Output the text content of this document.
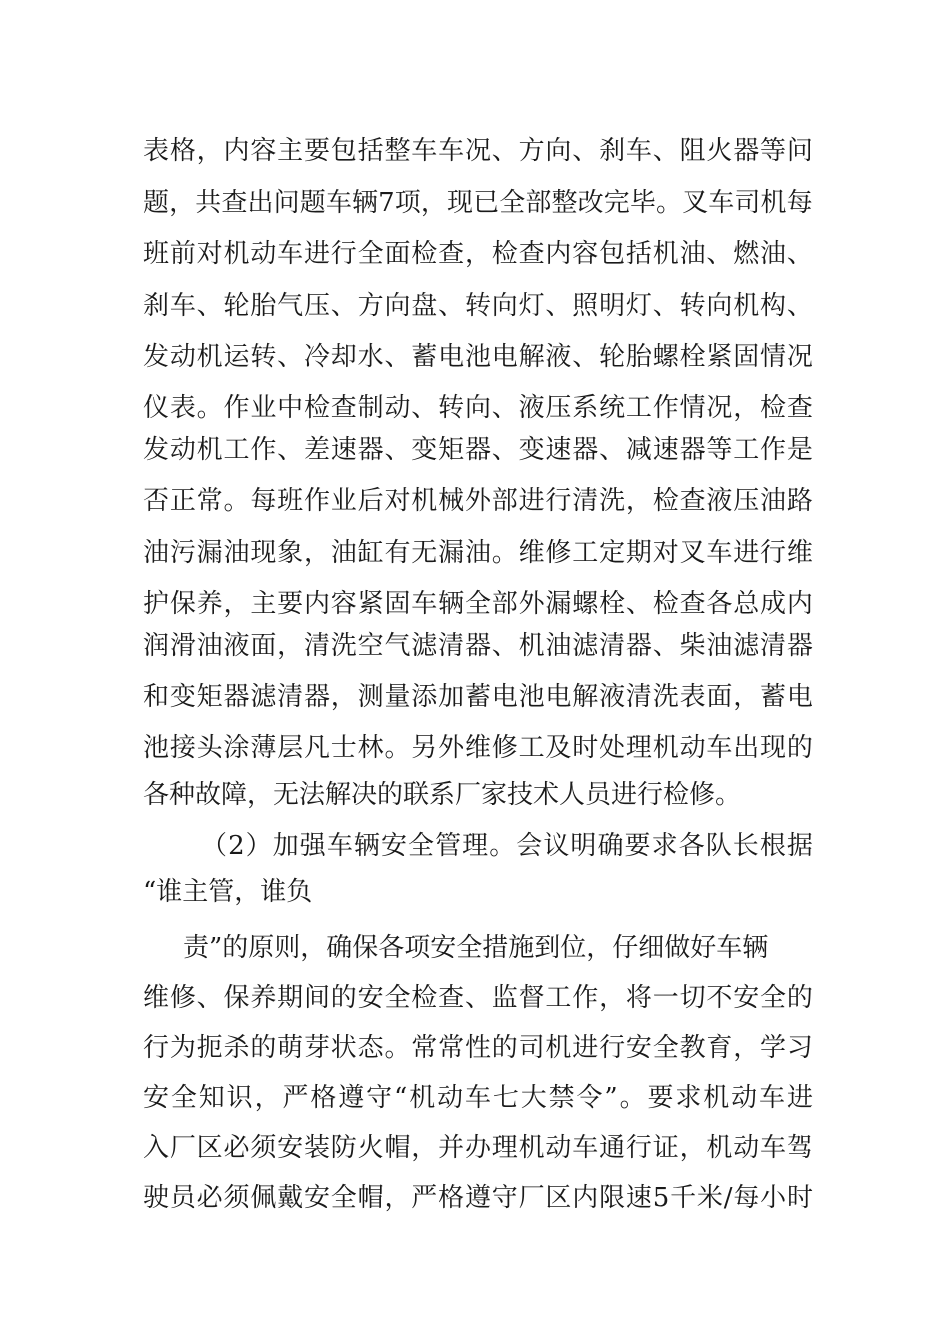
表 格 ， 内 容 主 要 包 括 整 车 车 况 、 方 向 、 刹 车 、 阻 火 器 等 问
题 ， 共 查 出 问 题 车 辆 7 项 ， 现 已 全 部 整 改 完 毕 。 叉 车 司 机 每
班 前 对 机 动 车 进 行 全 面 检 查 ， 检 查 内 容 包 括 机 油 、 燃 油 、
刹 车 、 轮 胎 气 压 、 方 向 盘 、 转 向 灯 、 照 明 灯 、 转 向 机 构 、
发 动 机 运 转 、 冷 却 水 、 蓄 电 池 电 解 液 、 轮 胎 螺 栓 紧 固 情 况
仪 表 。 作 业 中 检 查 制 动 、 转 向 、 液 压 系 统 工 作 情 况 ， 检 查
发 动 机 工 作 、 差 速 器 、 变 矩 器 、 变 速 器 、 减 速 器 等 工 作 是
否 正 常 。 每 班 作 业 后 对 机 械 外 部 进 行 清 洗 ， 检 查 液 压 油 路
油 污 漏 油 现 象 ， 油 缸 有 无 漏 油 。 维 修 工 定 期 对 叉 车 进 行 维
护 保 养 ， 主 要 内 容 紧 固 车 辆 全 部 外 漏 螺 栓 、 检 查 各 总 成 内
润 滑 油 液 面 ， 清 洗 空 气 滤 清 器 、 机 油 滤 清 器 、 柴 油 滤 清 器
和 变 矩 器 滤 清 器 ， 测 量 添 加 蓄 电 池 电 解 液 清 洗 表 面 ， 蓄 电
池 接 头 涂 薄 层 凡 士 林 。 另 外 维 修 工 及 时 处 理 机 动 车 出 现 的
各种故障，无法解决的联系厂家技术人员进行检修。
（ 2 ） 加 强 车 辆 安 全 管 理 。 会 议 明 确 要 求 各 队 长 根 据
“谁主管，谁负
责”的原则，确保各项安全措施到位，仔细做好车辆
维 修 、 保 养 期 间 的 安 全 检 查 、 监 督 工 作 ， 将 一 切 不 安 全 的
行 为 扼 杀 的 萌 芽 状 态 。 常 常 性 的 司 机 进 行 安 全 教 育 ， 学 习
安 全 知 识 ， 严 格 遵 守 “ 机 动 车 七 大 禁 令 ” 。 要 求 机 动 车 进
入 厂 区 必 须 安 装 防 火 帽 ， 并 办 理 机 动 车 通 行 证 ， 机 动 车 驾
驶 员 必 须 佩 戴 安 全 帽 ， 严 格 遵 守 厂 区 内 限 速 5 千 米 / 每 小 时
